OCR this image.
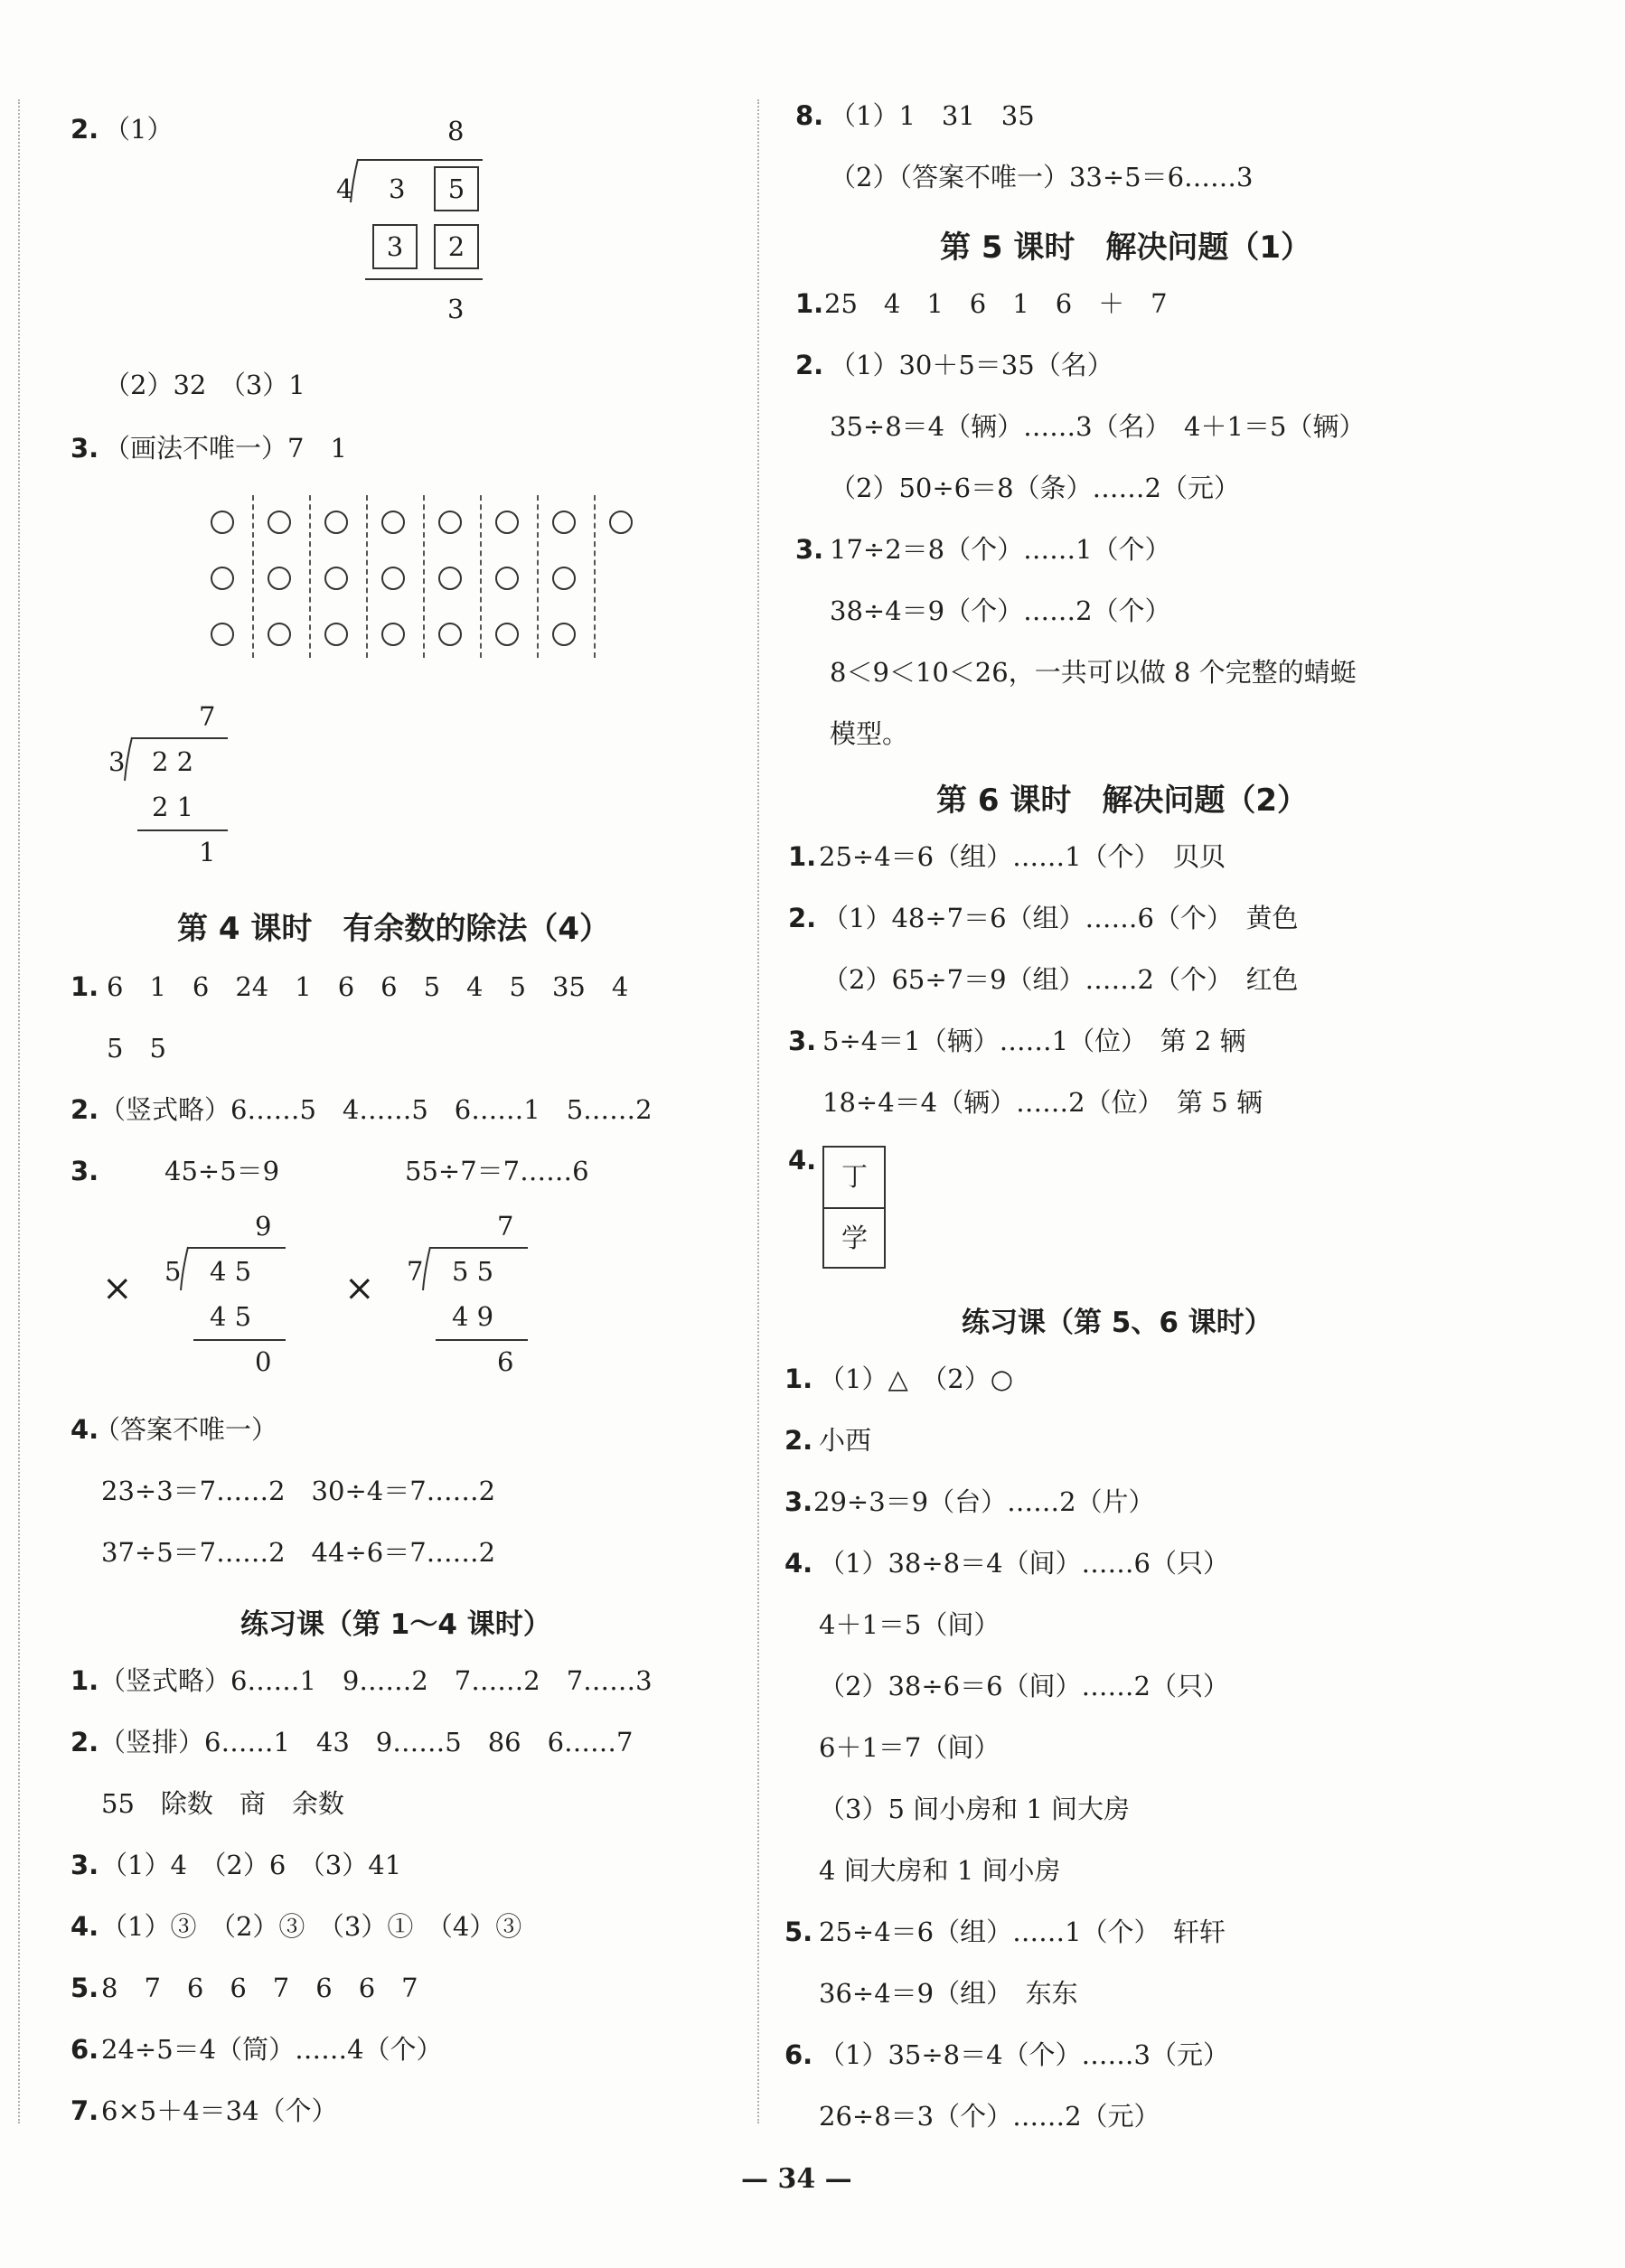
2. （1）	8
4 3	5
3	2
3
（2）32　（3）1
3. （画法不唯一）7　1
7
3 2 2
2 1
1
第 4 课时　有余数的除法（4）
1. 6　1　6　24　1　6　6　5　4　5　35　4
5　5
2. （竖式略）6……5　4……5　6……1　5……2
3.	45÷5＝9	55÷7＝7……6
×	×
9
5 4 5
4 5
0
7
7 5 5
4 9
6
4.
（答案不唯一）
23÷3＝7……2　30÷4＝7……2
37÷5＝7……2　44÷6＝7……2
练习课（第 1～4 课时）
1. （竖式略）6……1　9……2　7……2　7……3
2. （竖排）6……1　43　9……5　86　6……7
55　除数　商　余数
3. （1）4　（2）6　（3）41
4. （1）③　（2）③　（3）①　（4）③
5. 8　7　6　6　7　6　6　7
6. 24÷5＝4（筒）……4（个）
7. 6×5＋4＝34（个）
8. （1）1　31　35
（2）（答案不唯一）33÷5＝6……3
第 5 课时　解决问题（1）
1. 25　4　1　6　1　6　＋　7
2. （1）30＋5＝35（名）
35÷8＝4（辆）……3（名）　4＋1＝5（辆）
（2）50÷6＝8（条）……2（元）
3. 17÷2＝8（个）……1（个）
38÷4＝9（个）……2（个）
8＜9＜10＜26，一共可以做 8 个完整的蜻蜓
模型。
第 6 课时　解决问题（2）
1. 25÷4＝6（组）……1（个）　贝贝
2. （1）48÷7＝6（组）……6（个）　黄色
（2）65÷7＝9（组）……2（个）　红色
3. 5÷4＝1（辆）……1（位）　第 2 辆
18÷4＝4（辆）……2（位）　第 5 辆
4.
丁
学
练习课（第 5、6 课时）
1. （1）△　（2）○
2. 小西
3. 29÷3＝9（台）……2（片）
4. （1）38÷8＝4（间）……6（只）
4＋1＝5（间）
（2）38÷6＝6（间）……2（只）
6＋1＝7（间）
（3）5 间小房和 1 间大房
4 间大房和 1 间小房
5. 25÷4＝6（组）……1（个）　轩轩
36÷4＝9（组）　东东
6. （1）35÷8＝4（个）……3（元）
26÷8＝3（个）……2（元）
— 34 —
